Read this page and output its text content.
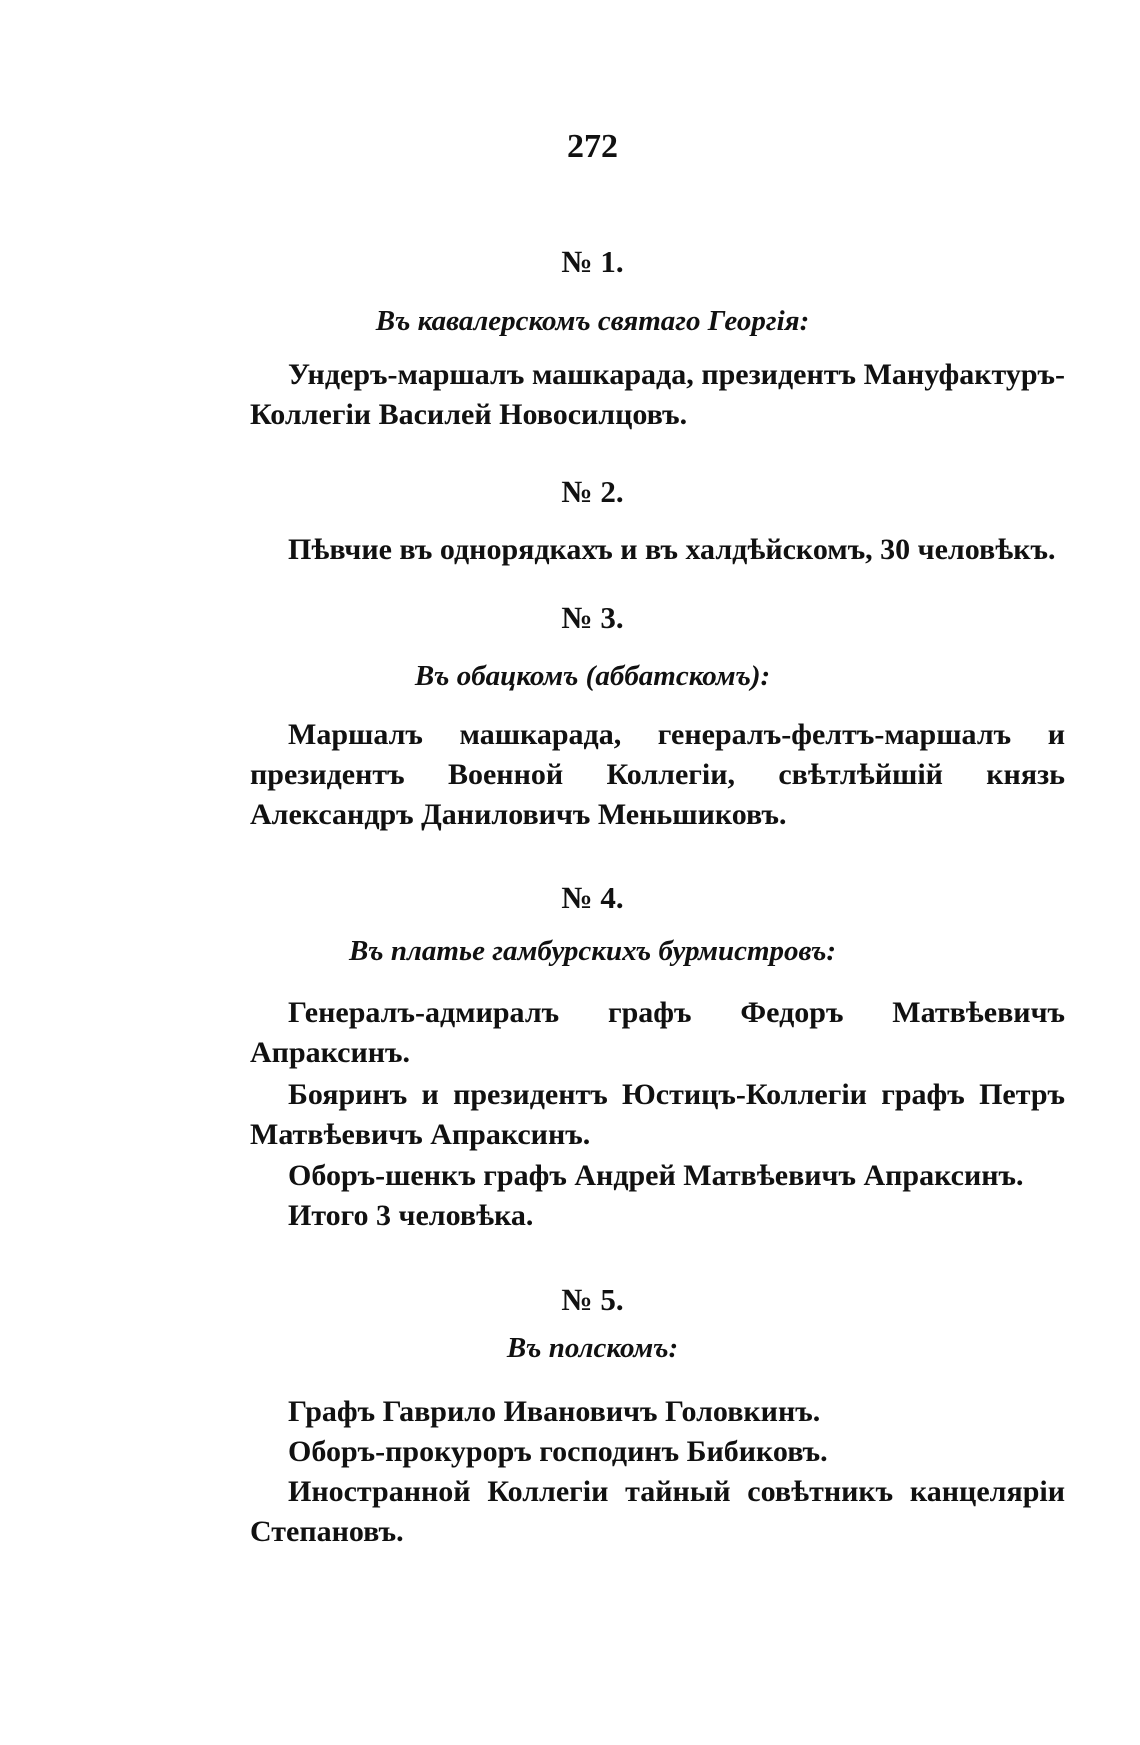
272
№ 1.
Въ кавалерскомъ святаго Георгія:
Ундеръ-маршалъ машкарада, президентъ Мануфактуръ-Коллегіи Василей Новосилцовъ.
№ 2.
Пѣвчие въ однорядкахъ и въ халдѣйскомъ, 30 человѣкъ.
№ 3.
Въ обацкомъ (аббатскомъ):
Маршалъ машкарада, генералъ-фелтъ-маршалъ и президентъ Военной Коллегіи, свѣтлѣйшій князь Александръ Даниловичъ Меньшиковъ.
№ 4.
Въ платье гамбурскихъ бурмистровъ:
Генералъ-адмиралъ графъ Федоръ Матвѣевичъ Апраксинъ.
Бояринъ и президентъ Юстицъ-Коллегіи графъ Петръ Матвѣевичъ Апраксинъ.
Оборъ-шенкъ графъ Андрей Матвѣевичъ Апраксинъ.
Итого 3 человѣка.
№ 5.
Въ полскомъ:
Графъ Гаврило Ивановичъ Головкинъ.
Оборъ-прокуроръ господинъ Бибиковъ.
Иностранной Коллегіи тайный совѣтникъ канцеляріи Степановъ.
